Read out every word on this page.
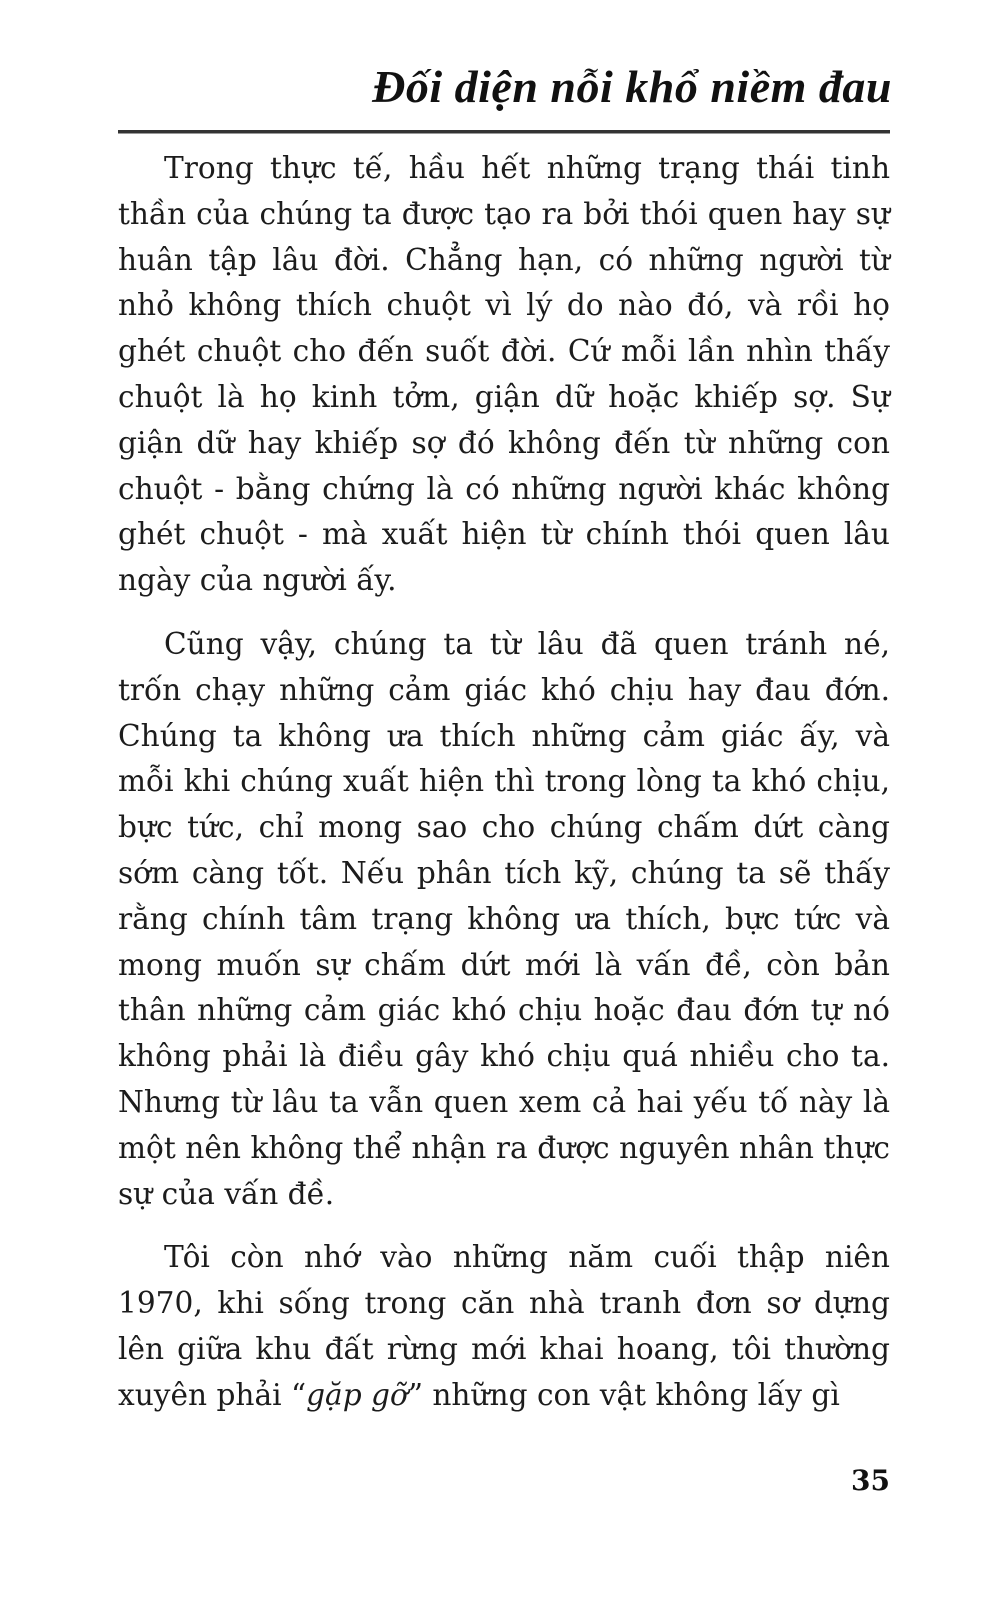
Đối diện nỗi khổ niềm đau

Trong thực tế, hầu hết những trạng thái tinh thần của chúng ta được tạo ra bởi thói quen hay sự huân tập lâu đời. Chẳng hạn, có những người từ nhỏ không thích chuột vì lý do nào đó, và rồi họ ghét chuột cho đến suốt đời. Cứ mỗi lần nhìn thấy chuột là họ kinh tởm, giận dữ hoặc khiếp sợ. Sự giận dữ hay khiếp sợ đó không đến từ những con chuột - bằng chứng là có những người khác không ghét chuột - mà xuất hiện từ chính thói quen lâu ngày của người ấy.

Cũng vậy, chúng ta từ lâu đã quen tránh né, trốn chạy những cảm giác khó chịu hay đau đớn. Chúng ta không ưa thích những cảm giác ấy, và mỗi khi chúng xuất hiện thì trong lòng ta khó chịu, bực tức, chỉ mong sao cho chúng chấm dứt càng sớm càng tốt. Nếu phân tích kỹ, chúng ta sẽ thấy rằng chính tâm trạng không ưa thích, bực tức và mong muốn sự chấm dứt mới là vấn đề, còn bản thân những cảm giác khó chịu hoặc đau đớn tự nó không phải là điều gây khó chịu quá nhiều cho ta. Nhưng từ lâu ta vẫn quen xem cả hai yếu tố này là một nên không thể nhận ra được nguyên nhân thực sự của vấn đề.

Tôi còn nhớ vào những năm cuối thập niên 1970, khi sống trong căn nhà tranh đơn sơ dựng lên giữa khu đất rừng mới khai hoang, tôi thường xuyên phải “gặp gỡ” những con vật không lấy gì

35
